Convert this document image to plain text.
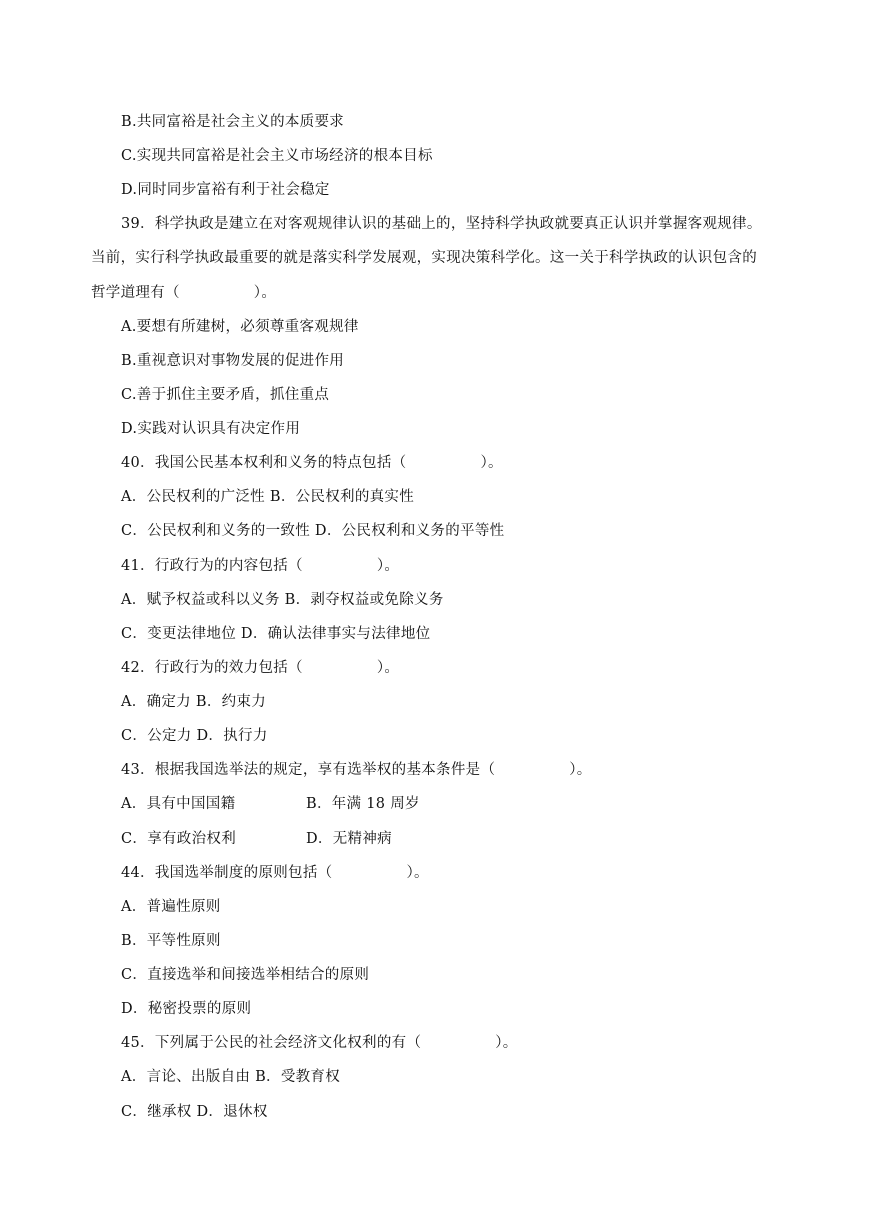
B.共同富裕是社会主义的本质要求
C.实现共同富裕是社会主义市场经济的根本目标
D.同时同步富裕有利于社会稳定
39．科学执政是建立在对客观规律认识的基础上的，坚持科学执政就要真正认识并掌握客观规律。
当前，实行科学执政最重要的就是落实科学发展观，实现决策科学化。这一关于科学执政的认识包含的
哲学道理有（　　　　　）。
A.要想有所建树，必须尊重客观规律
B.重视意识对事物发展的促进作用
C.善于抓住主要矛盾，抓住重点
D.实践对认识具有决定作用
40．我国公民基本权利和义务的特点包括（　　　　　）。
A．公民权利的广泛性 B．公民权利的真实性
C．公民权利和义务的一致性 D．公民权利和义务的平等性
41．行政行为的内容包括（　　　　　）。
A．赋予权益或科以义务 B．剥夺权益或免除义务
C．变更法律地位 D．确认法律事实与法律地位
42．行政行为的效力包括（　　　　　）。
A．确定力 B．约束力
C．公定力 D．执行力
43．根据我国选举法的规定，享有选举权的基本条件是（　　　　　）。
A．具有中国国籍	B．年满 18 周岁
C．享有政治权利	D．无精神病
44．我国选举制度的原则包括（　　　　　）。
A．普遍性原则
B．平等性原则
C．直接选举和间接选举相结合的原则
D．秘密投票的原则
45．下列属于公民的社会经济文化权利的有（　　　　　）。
A．言论、出版自由 B．受教育权
C．继承权 D．退休权
